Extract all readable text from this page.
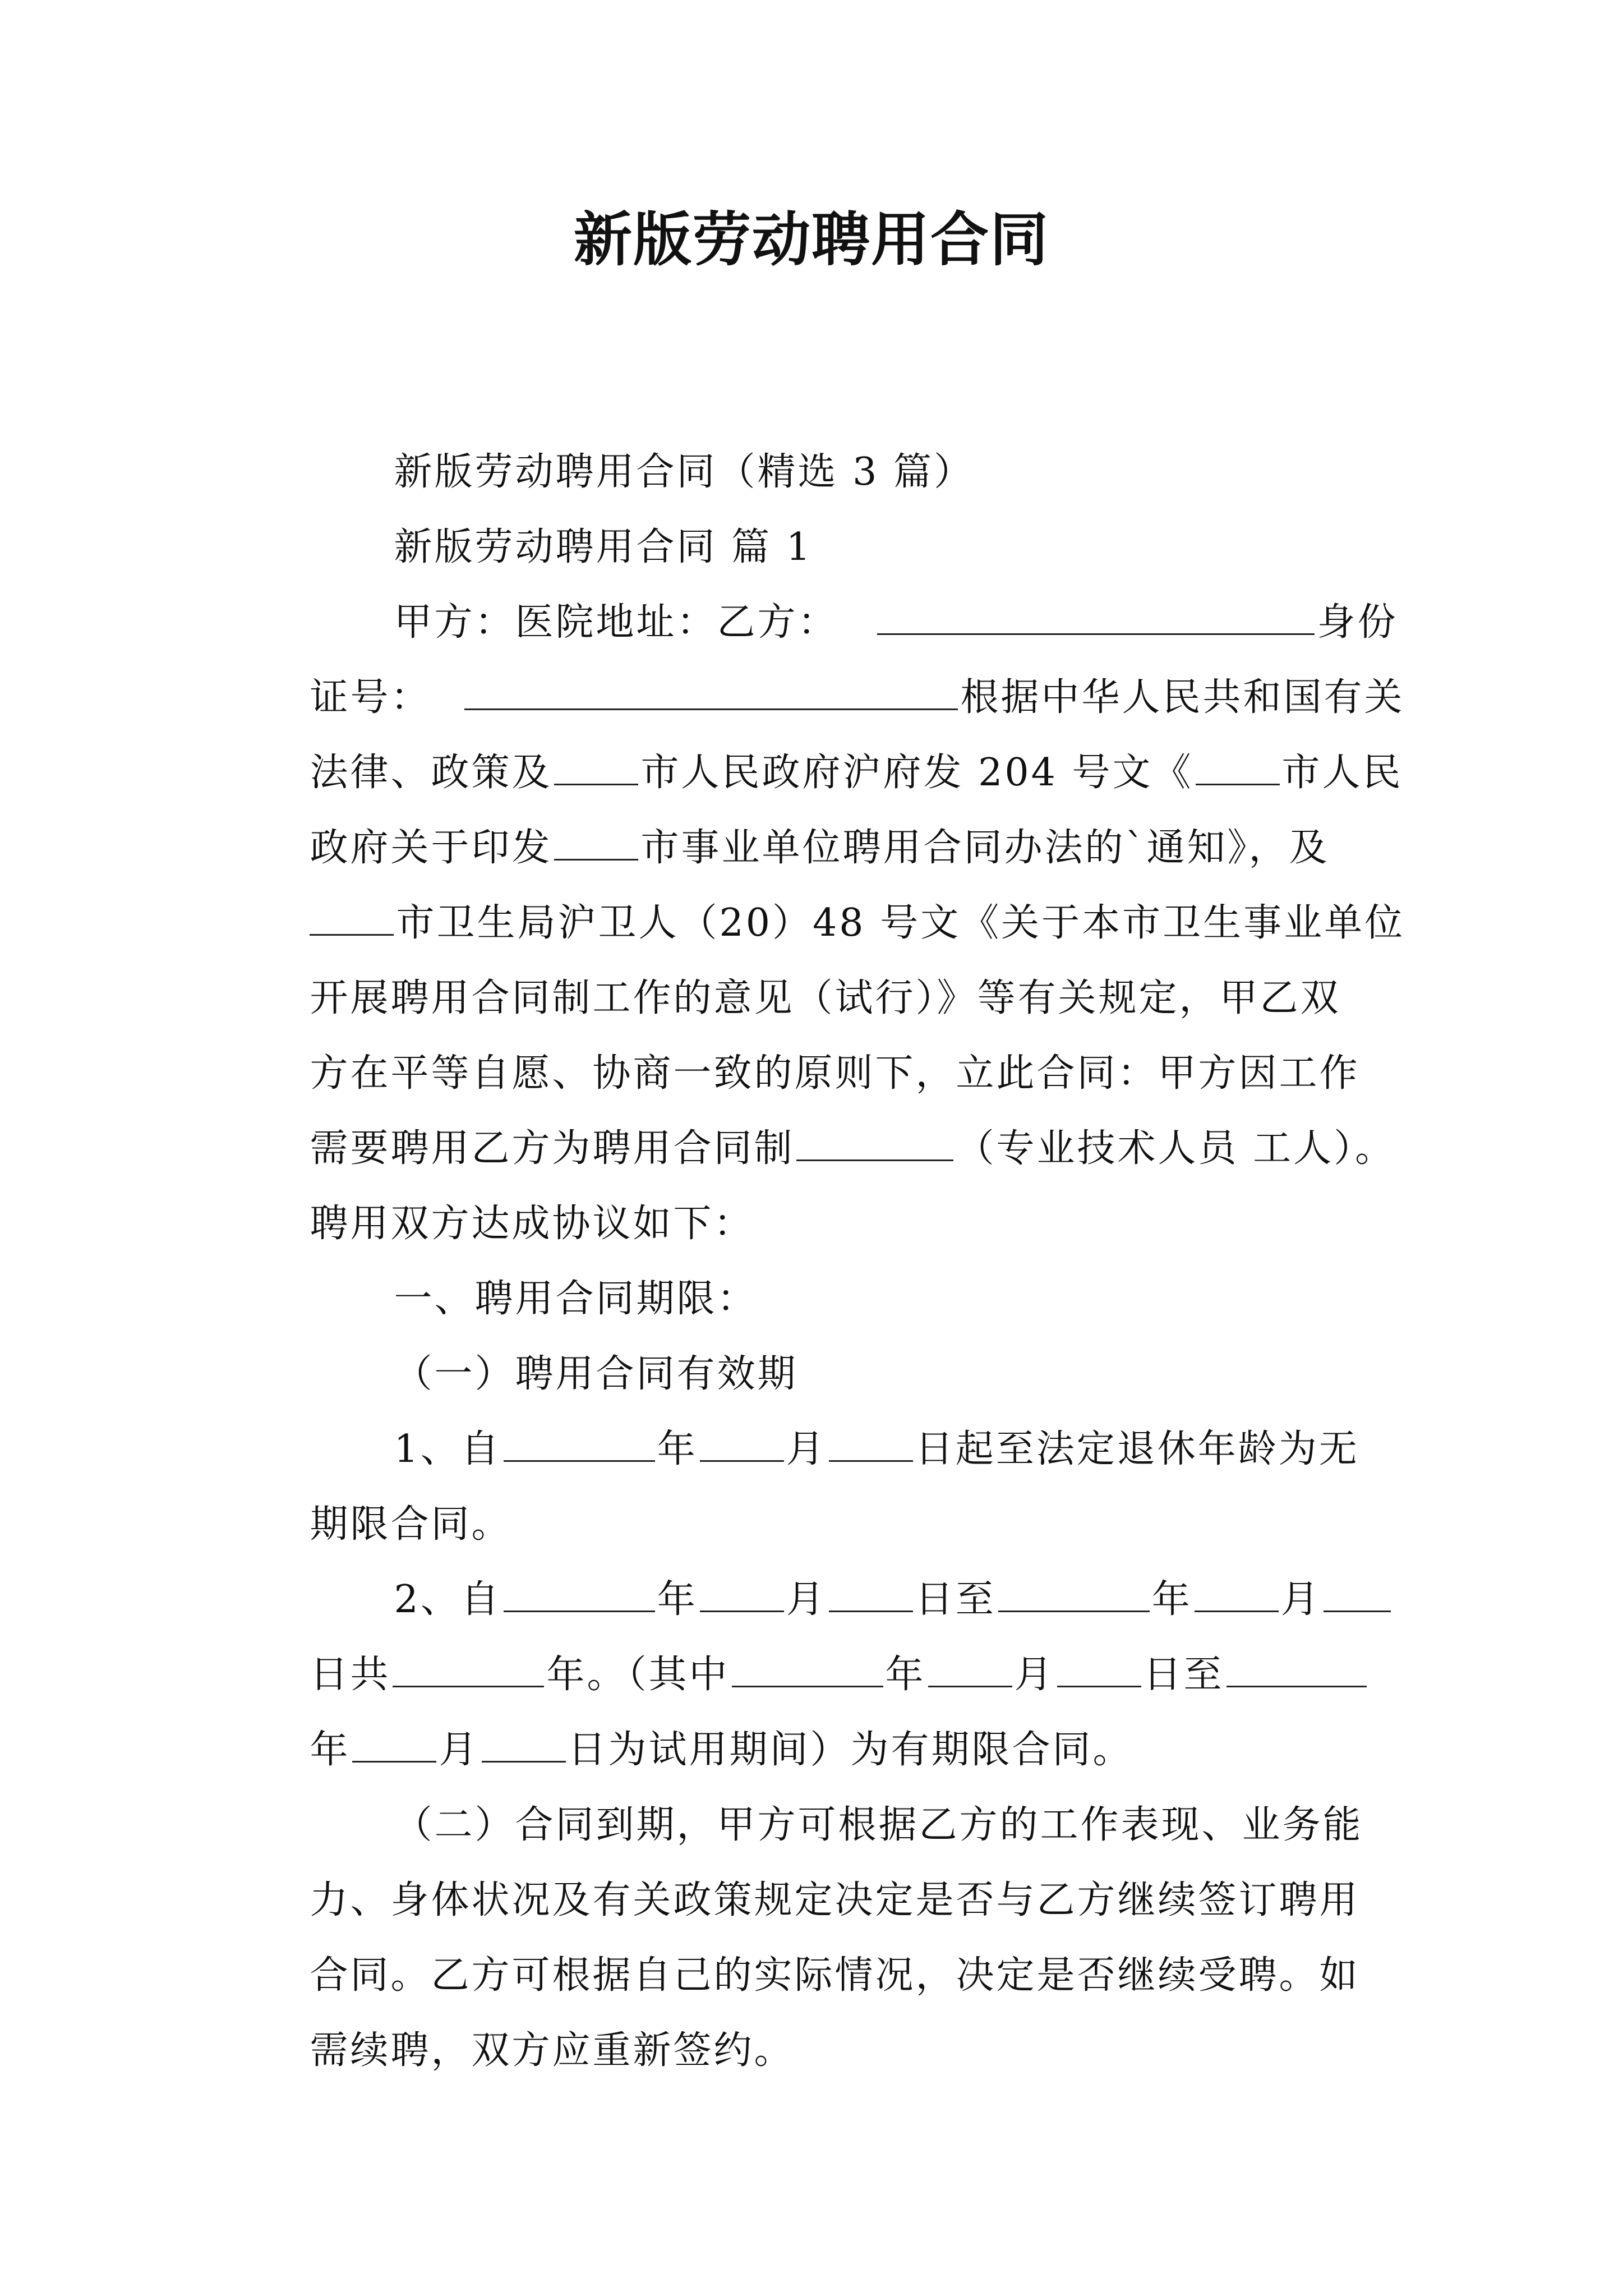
新版劳动聘用合同

新版劳动聘用合同（精选 3 篇）

新版劳动聘用合同 篇 1

甲方：医院地址：乙方：	身份

证号：	根据中华人民共和国有关

法律、政策及 市人民政府沪府发 204 号文《 市人民

政府关于印发 市事业单位聘用合同办法的`通知》，及

市卫生局沪卫人（20）48 号文《关于本市卫生事业单位

开展聘用合同制工作的意见（试行）》等有关规定，甲乙双

方在平等自愿、协商一致的原则下，立此合同：甲方因工作

需要聘用乙方为聘用合同制	（专业技术人员 工人）。

聘用双方达成协议如下：

一、聘用合同期限：

（一）聘用合同有效期

1、自	年 月 日起至法定退休年龄为无

期限合同。

2、自	年 月 日至	年 月

日共	年。（其中	年 月 日至

年 月 日为试用期间）为有期限合同。

（二）合同到期，甲方可根据乙方的工作表现、业务能

力、身体状况及有关政策规定决定是否与乙方继续签订聘用

合同。乙方可根据自己的实际情况，决定是否继续受聘。如

需续聘，双方应重新签约。
